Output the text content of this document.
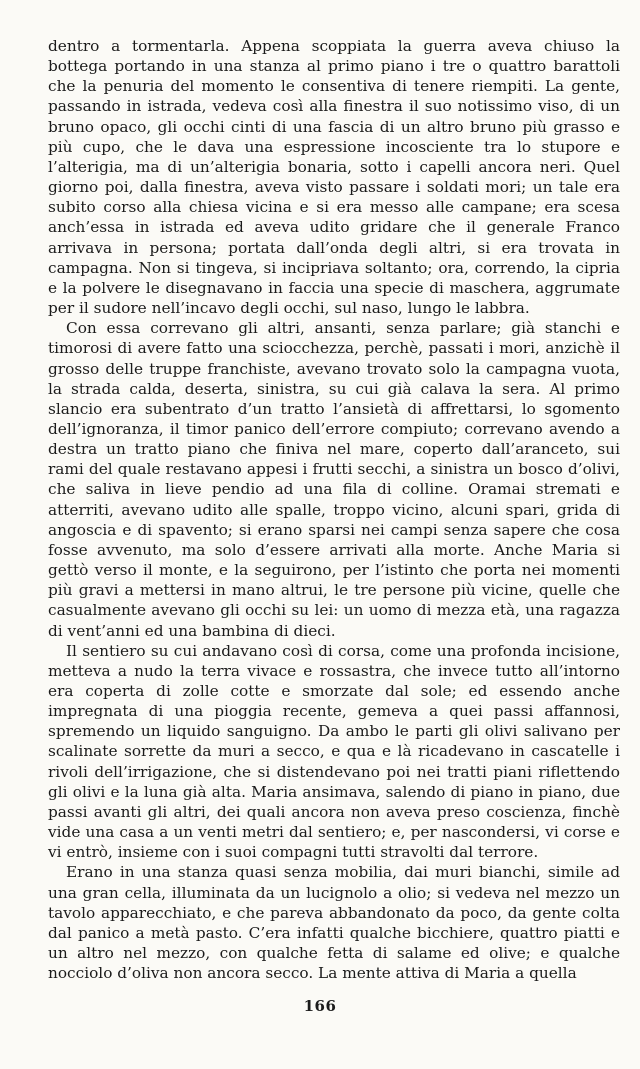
dentro a tormentarla. Appena scoppiata la guerra aveva chiuso la bottega portando in una stanza al primo piano i tre o quattro barattoli che la penuria del momento le consentiva di tenere riempiti. La gente, passando in istrada, vedeva così alla finestra il suo notissimo viso, di un bruno opaco, gli occhi cinti di una fascia di un altro bruno più grasso e più cupo, che le dava una espressione incosciente tra lo stupore e l’alterigia, ma di un’alterigia bonaria, sotto i capelli ancora neri. Quel giorno poi, dalla finestra, aveva visto passare i soldati mori; un tale era subito corso alla chiesa vicina e si era messo alle campane; era scesa anch’essa in istrada ed aveva udito gridare che il generale Franco arrivava in persona; portata dall’onda degli altri, si era trovata in campagna. Non si tingeva, si incipriava soltanto; ora, correndo, la cipria e la polvere le disegnavano in faccia una specie di maschera, aggrumate per il sudore nell’incavo degli occhi, sul naso, lungo le labbra.

Con essa correvano gli altri, ansanti, senza parlare; già stanchi e timorosi di avere fatto una sciocchezza, perchè, passati i mori, anzichè il grosso delle truppe franchiste, avevano trovato solo la campagna vuota, la strada calda, deserta, sinistra, su cui già calava la sera. Al primo slancio era subentrato d’un tratto l’ansietà di affrettarsi, lo sgomento dell’ignoranza, il timor panico dell’errore compiuto; correvano avendo a destra un tratto piano che finiva nel mare, coperto dall’aranceto, sui rami del quale restavano appesi i frutti secchi, a sinistra un bosco d’olivi, che saliva in lieve pendio ad una fila di colline. Oramai stremati e atterriti, avevano udito alle spalle, troppo vicino, alcuni spari, grida di angoscia e di spavento; si erano sparsi nei campi senza sapere che cosa fosse avvenuto, ma solo d’essere arrivati alla morte. Anche Maria si gettò verso il monte, e la seguirono, per l’istinto che porta nei momenti più gravi a mettersi in mano altrui, le tre persone più vicine, quelle che casualmente avevano gli occhi su lei: un uomo di mezza età, una ragazza di vent’anni ed una bambina di dieci.

Il sentiero su cui andavano così di corsa, come una profonda incisione, metteva a nudo la terra vivace e rossastra, che invece tutto all’intorno era coperta di zolle cotte e smorzate dal sole; ed essendo anche impregnata di una pioggia recente, gemeva a quei passi affannosi, spremendo un liquido sanguigno. Da ambo le parti gli olivi salivano per scalinate sorrette da muri a secco, e qua e là ricadevano in cascatelle i rivoli dell’irrigazione, che si distendevano poi nei tratti piani riflettendo gli olivi e la luna già alta. Maria ansimava, salendo di piano in piano, due passi avanti gli altri, dei quali ancora non aveva preso coscienza, finchè vide una casa a un venti metri dal sentiero; e, per nascondersi, vi corse e vi entrò, insieme con i suoi compagni tutti stravolti dal terrore.

Erano in una stanza quasi senza mobilia, dai muri bianchi, simile ad una gran cella, illuminata da un lucignolo a olio; si vedeva nel mezzo un tavolo apparecchiato, e che pareva abbandonato da poco, da gente colta dal panico a metà pasto. C’era infatti qualche bicchiere, quattro piatti e un altro nel mezzo, con qualche fetta di salame ed olive; e qualche nocciolo d’oliva non ancora secco. La mente attiva di Maria a quella

166
